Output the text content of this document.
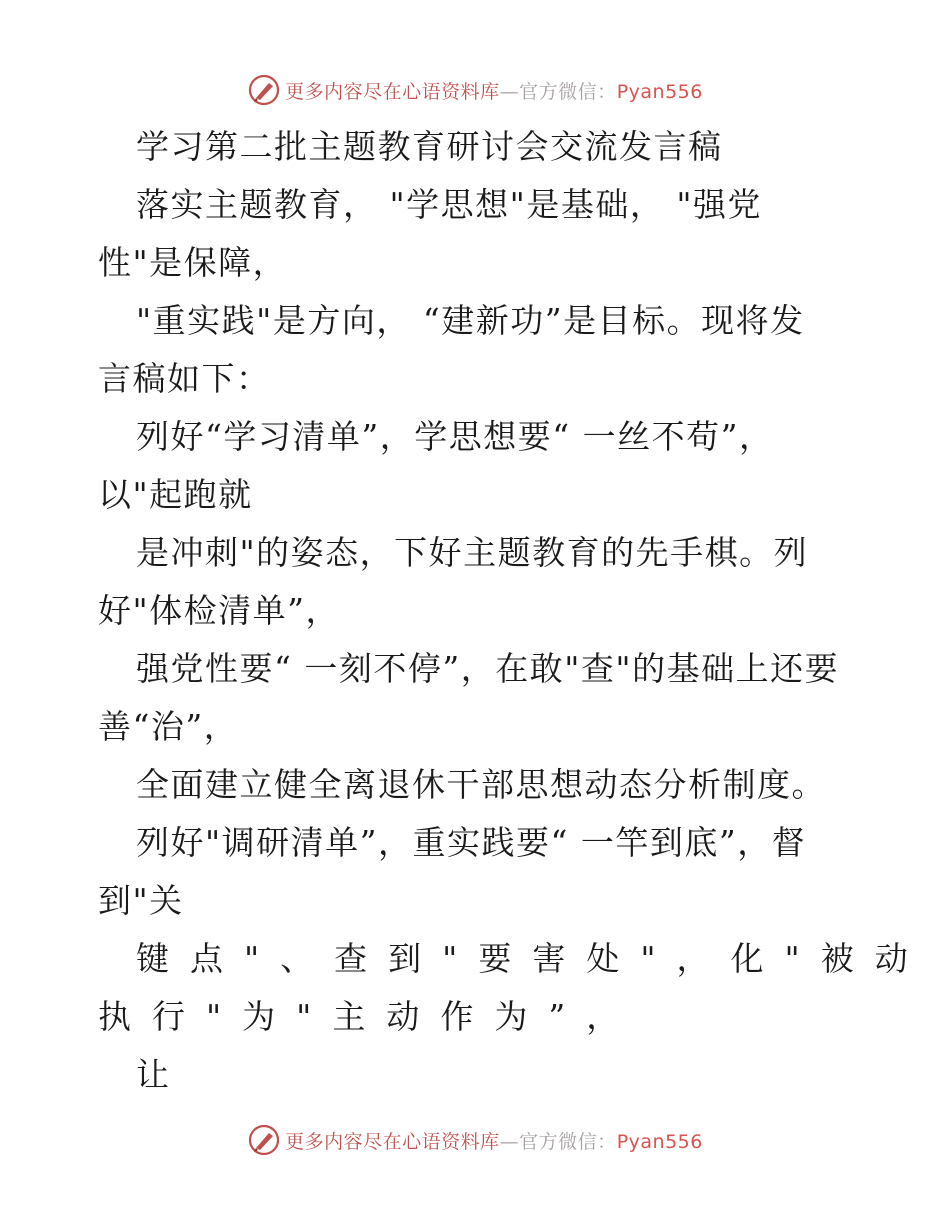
更多内容尽在心语资料库—官方微信：Pyan556
学习第二批主题教育研讨会交流发言稿
落实主题教育， "学思想"是基础， "强党
性"是保障，
"重实践"是方向， “建新功”是目标。现将发
言稿如下：
列好“学习清单”，学思想要“ 一丝不苟”，
以"起跑就
是冲刺"的姿态，下好主题教育的先手棋。列
好"体检清单”，
强党性要“ 一刻不停”，在敢"查"的基础上还要
善“治”，
全面建立健全离退休干部思想动态分析制度。
列好"调研清单”，重实践要“ 一竿到底”，督
到"关
键点"、查到"要害处"，化"被动
执行"为"主动作为”，
让
更多内容尽在心语资料库—官方微信：Pyan556
